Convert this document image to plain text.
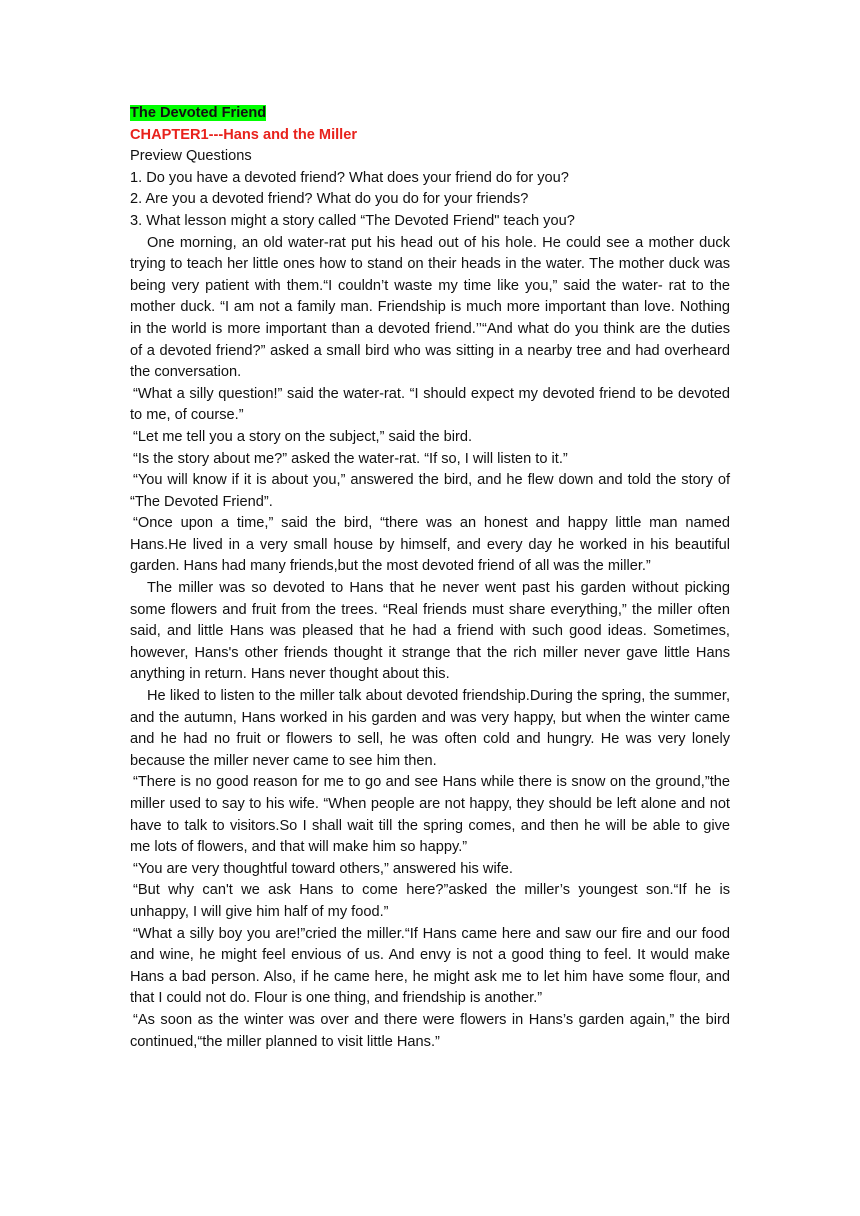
The Devoted Friend
CHAPTER1---Hans and the Miller
Preview Questions
1. Do you have a devoted friend? What does your friend do for you?
2. Are you a devoted friend? What do you do for your friends?
3. What lesson might a story called “The Devoted Friend" teach you?

One morning, an old water-rat put his head out of his hole. He could see a mother duck trying to teach her little ones how to stand on their heads in the water. The mother duck was being very patient with them.“I couldn’t waste my time like you,” said the water- rat to the mother duck. “I am not a family man. Friendship is much more important than love. Nothing in the world is more important than a devoted friend.’’“And what do you think are the duties of a devoted friend?” asked a small bird who was sitting in a nearby tree and had overheard the conversation.

“What a silly question!” said the water-rat. “I should expect my devoted friend to be devoted to me, of course.”

“Let me tell you a story on the subject,” said the bird.

“Is the story about me?” asked the water-rat. “If so, I will listen to it.”

“You will know if it is about you,” answered the bird, and he flew down and told the story of “The Devoted Friend”.

“Once upon a time,” said the bird, “there was an honest and happy little man named Hans.He lived in a very small house by himself, and every day he worked in his beautiful garden. Hans had many friends,but the most devoted friend of all was the miller.”

The miller was so devoted to Hans that he never went past his garden without picking some flowers and fruit from the trees. “Real friends must share everything,” the miller often said, and little Hans was pleased that he had a friend with such good ideas. Sometimes, however, Hans's other friends thought it strange that the rich miller never gave little Hans anything in return. Hans never thought about this.

He liked to listen to the miller talk about devoted friendship.During the spring, the summer, and the autumn, Hans worked in his garden and was very happy, but when the winter came and he had no fruit or flowers to sell, he was often cold and hungry. He was very lonely because the miller never came to see him then.

“There is no good reason for me to go and see Hans while there is snow on the ground,”the miller used to say to his wife. “When people are not happy, they should be left alone and not have to talk to visitors.So I shall wait till the spring comes, and then he will be able to give me lots of flowers, and that will make him so happy.”

“You are very thoughtful toward others,” answered his wife.

“But why can't we ask Hans to come here?”asked the miller’s youngest son.“If he is unhappy, I will give him half of my food.”

“What a silly boy you are!”cried the miller.“If Hans came here and saw our fire and our food and wine, he might feel envious of us. And envy is not a good thing to feel. It would make Hans a bad person. Also, if he came here, he might ask me to let him have some flour, and that I could not do. Flour is one thing, and friendship is another.”

“As soon as the winter was over and there were flowers in Hans’s garden again,” the bird continued,“the miller planned to visit little Hans.”
